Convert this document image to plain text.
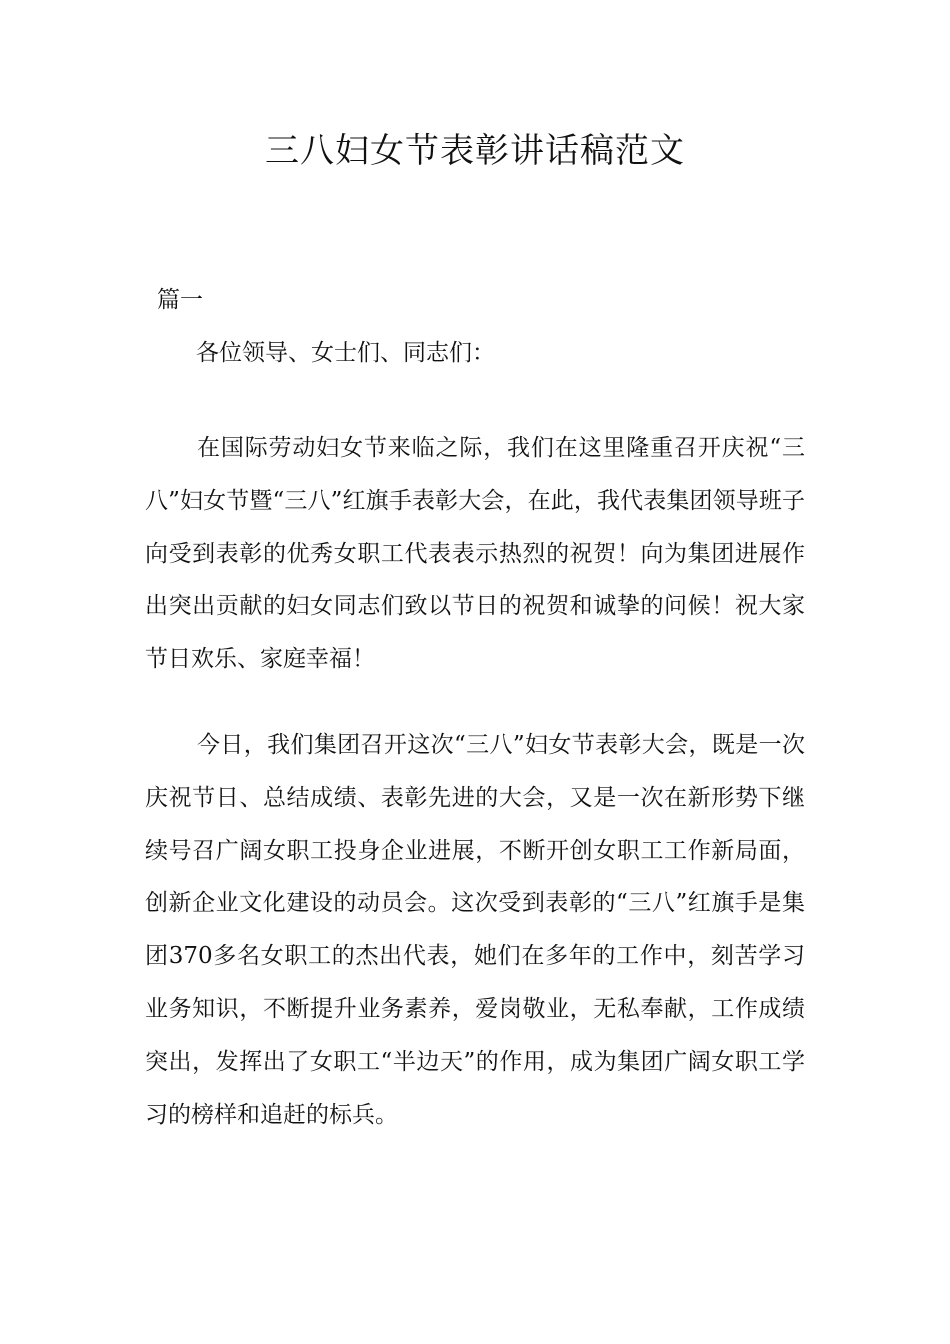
三八妇女节表彰讲话稿范文

篇一

各位领导、女士们、同志们：

在国际劳动妇女节来临之际，我们在这里隆重召开庆祝“三八”妇女节暨“三八”红旗手表彰大会，在此，我代表集团领导班子向受到表彰的优秀女职工代表表示热烈的祝贺！向为集团进展作出突出贡献的妇女同志们致以节日的祝贺和诚挚的问候！祝大家节日欢乐、家庭幸福！

今日，我们集团召开这次“三八”妇女节表彰大会，既是一次庆祝节日、总结成绩、表彰先进的大会，又是一次在新形势下继续号召广阔女职工投身企业进展，不断开创女职工工作新局面，创新企业文化建设的动员会。这次受到表彰的“三八”红旗手是集团370多名女职工的杰出代表，她们在多年的工作中，刻苦学习业务知识，不断提升业务素养，爱岗敬业，无私奉献，工作成绩突出，发挥出了女职工“半边天”的作用，成为集团广阔女职工学习的榜样和追赶的标兵。
